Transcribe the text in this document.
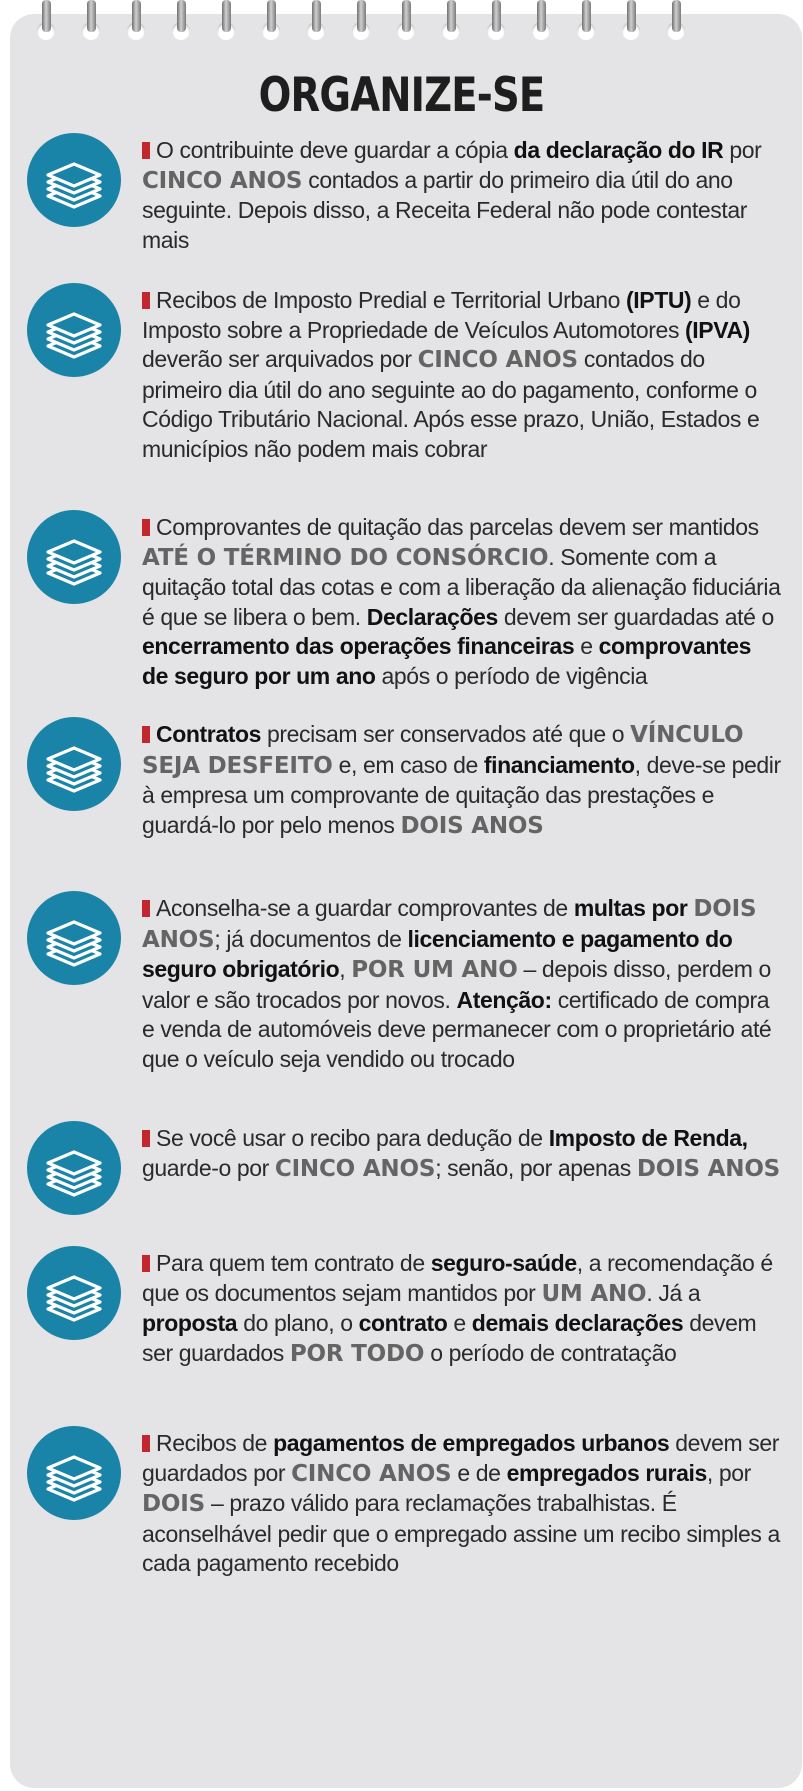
ORGANIZE-SE
O contribuinte deve guardar a cópia da declaração do IR por CINCO ANOS contados a partir do primeiro dia útil do ano seguinte. Depois disso, a Receita Federal não pode contestar mais
Recibos de Imposto Predial e Territorial Urbano (IPTU) e do Imposto sobre a Propriedade de Veículos Automotores (IPVA) deverão ser arquivados por CINCO ANOS contados do primeiro dia útil do ano seguinte ao do pagamento, conforme o Código Tributário Nacional. Após esse prazo, União, Estados e municípios não podem mais cobrar
Comprovantes de quitação das parcelas devem ser mantidos ATÉ O TÉRMINO DO CONSÓRCIO. Somente com a quitação total das cotas e com a liberação da alienação fiduciária é que se libera o bem. Declarações devem ser guardadas até o encerramento das operações financeiras e comprovantes de seguro por um ano após o período de vigência
Contratos precisam ser conservados até que o VÍNCULO SEJA DESFEITO e, em caso de financiamento, deve-se pedir à empresa um comprovante de quitação das prestações e guardá-lo por pelo menos DOIS ANOS
Aconselha-se a guardar comprovantes de multas por DOIS ANOS; já documentos de licenciamento e pagamento do seguro obrigatório, POR UM ANO – depois disso, perdem o valor e são trocados por novos. Atenção: certificado de compra e venda de automóveis deve permanecer com o proprietário até que o veículo seja vendido ou trocado
Se você usar o recibo para dedução de Imposto de Renda, guarde-o por CINCO ANOS; senão, por apenas DOIS ANOS
Para quem tem contrato de seguro-saúde, a recomendação é que os documentos sejam mantidos por UM ANO. Já a proposta do plano, o contrato e demais declarações devem ser guardados POR TODO o período de contratação
Recibos de pagamentos de empregados urbanos devem ser guardados por CINCO ANOS e de empregados rurais, por DOIS – prazo válido para reclamações trabalhistas. É aconselhável pedir que o empregado assine um recibo simples a cada pagamento recebido
